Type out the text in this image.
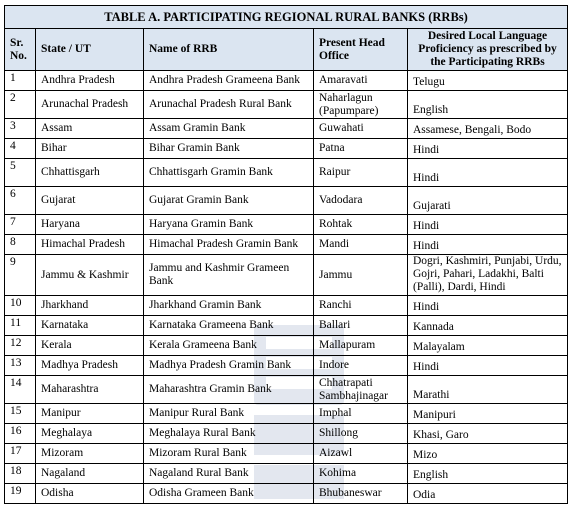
TABLE A. PARTICIPATING REGIONAL RURAL BANKS (RRBs)				
Sr. No.	State / UT	Name of RRB	Present Head Office	Desired Local Language Proficiency as prescribed by the Participating RRBs
1	Andhra Pradesh	Andhra Pradesh Grameena Bank	Amaravati	Telugu
2	Arunachal Pradesh	Arunachal Pradesh Rural Bank	Naharlagun (Papumpare)	English
3	Assam	Assam Gramin Bank	Guwahati	Assamese, Bengali, Bodo
4	Bihar	Bihar Gramin Bank	Patna	Hindi
5	Chhattisgarh	Chhattisgarh Gramin Bank	Raipur	Hindi
6	Gujarat	Gujarat Gramin Bank	Vadodara	Gujarati
7	Haryana	Haryana Gramin Bank	Rohtak	Hindi
8	Himachal Pradesh	Himachal Pradesh Gramin Bank	Mandi	Hindi
9	Jammu & Kashmir	Jammu and Kashmir Grameen Bank	Jammu	Dogri, Kashmiri, Punjabi, Urdu, Gojri, Pahari, Ladakhi, Balti (Palli), Dardi, Hindi
10	Jharkhand	Jharkhand Gramin Bank	Ranchi	Hindi
11	Karnataka	Karnataka Grameena Bank	Ballari	Kannada
12	Kerala	Kerala Grameena Bank	Mallapuram	Malayalam
13	Madhya Pradesh	Madhya Pradesh Gramin Bank	Indore	Hindi
14	Maharashtra	Maharashtra Gramin Bank	Chhatrapati Sambhajinagar	Marathi
15	Manipur	Manipur Rural Bank	Imphal	Manipuri
16	Meghalaya	Meghalaya Rural Bank	Shillong	Khasi, Garo
17	Mizoram	Mizoram Rural Bank	Aizawl	Mizo
18	Nagaland	Nagaland Rural Bank	Kohima	English
19	Odisha	Odisha Grameen Bank	Bhubaneswar	Odia
